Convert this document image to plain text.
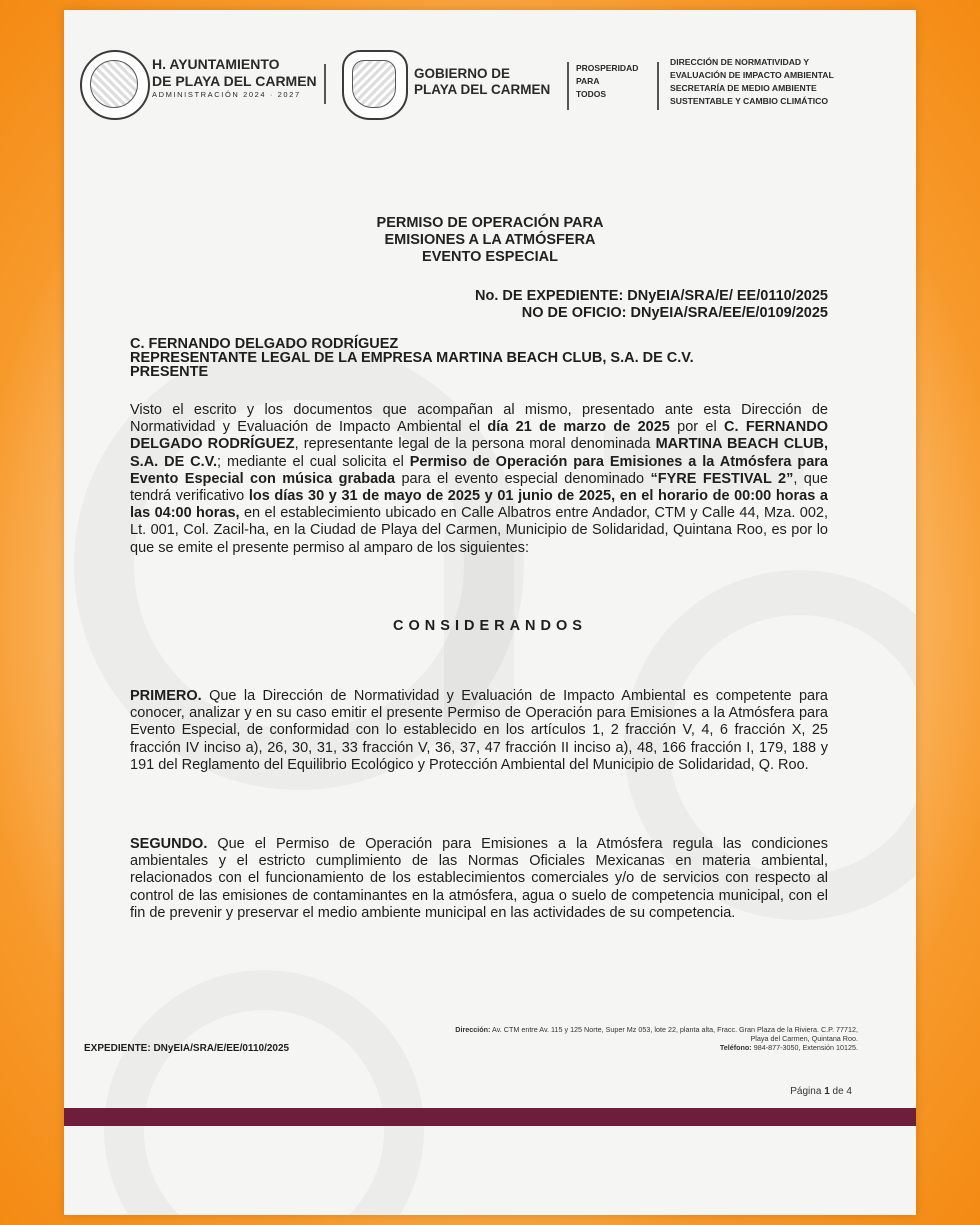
H. AYUNTAMIENTO
DE PLAYA DEL CARMEN
ADMINISTRACIÓN 2024 · 2027
GOBIERNO DE
PLAYA DEL CARMEN
PROSPERIDAD
PARA
TODOS
DIRECCIÓN DE NORMATIVIDAD Y
EVALUACIÓN DE IMPACTO AMBIENTAL
SECRETARÍA DE MEDIO AMBIENTE
SUSTENTABLE Y CAMBIO CLIMÁTICO
PERMISO DE OPERACIÓN PARA
EMISIONES A LA ATMÓSFERA
EVENTO ESPECIAL
No. DE EXPEDIENTE: DNyEIA/SRA/E/ EE/0110/2025
NO DE OFICIO: DNyEIA/SRA/EE/E/0109/2025
C. FERNANDO DELGADO RODRÍGUEZ
REPRESENTANTE LEGAL DE LA EMPRESA MARTINA BEACH CLUB, S.A. DE C.V.
PRESENTE
Visto el escrito y los documentos que acompañan al mismo, presentado ante esta Dirección de Normatividad y Evaluación de Impacto Ambiental el día 21 de marzo de 2025 por el C. FERNANDO DELGADO RODRÍGUEZ, representante legal de la persona moral denominada MARTINA BEACH CLUB, S.A. DE C.V.; mediante el cual solicita el Permiso de Operación para Emisiones a la Atmósfera para Evento Especial con música grabada para el evento especial denominado “FYRE FESTIVAL 2”, que tendrá verificativo los días 30 y 31 de mayo de 2025 y 01 junio de 2025, en el horario de 00:00 horas a las 04:00 horas, en el establecimiento ubicado en Calle Albatros entre Andador, CTM y Calle 44, Mza. 002, Lt. 001, Col. Zacil-ha, en la Ciudad de Playa del Carmen, Municipio de Solidaridad, Quintana Roo, es por lo que se emite el presente permiso al amparo de los siguientes:
CONSIDERANDOS
PRIMERO. Que la Dirección de Normatividad y Evaluación de Impacto Ambiental es competente para conocer, analizar y en su caso emitir el presente Permiso de Operación para Emisiones a la Atmósfera para Evento Especial, de conformidad con lo establecido en los artículos 1, 2 fracción V, 4, 6 fracción X, 25 fracción IV inciso a), 26, 30, 31, 33 fracción V, 36, 37, 47 fracción II inciso a), 48, 166 fracción I, 179, 188 y 191 del Reglamento del Equilibrio Ecológico y Protección Ambiental del Municipio de Solidaridad, Q. Roo.
SEGUNDO. Que el Permiso de Operación para Emisiones a la Atmósfera regula las condiciones ambientales y el estricto cumplimiento de las Normas Oficiales Mexicanas en materia ambiental, relacionados con el funcionamiento de los establecimientos comerciales y/o de servicios con respecto al control de las emisiones de contaminantes en la atmósfera, agua o suelo de competencia municipal, con el fin de prevenir y preservar el medio ambiente municipal en las actividades de su competencia.
Dirección: Av. CTM entre Av. 115 y 125 Norte, Super Mz 053, lote 22, planta alta, Fracc. Gran Plaza de la Riviera. C.P. 77712, Playa del Carmen, Quintana Roo.
Teléfono: 984-877-3050, Extensión 10125.
EXPEDIENTE: DNyEIA/SRA/E/EE/0110/2025
Página 1 de 4
